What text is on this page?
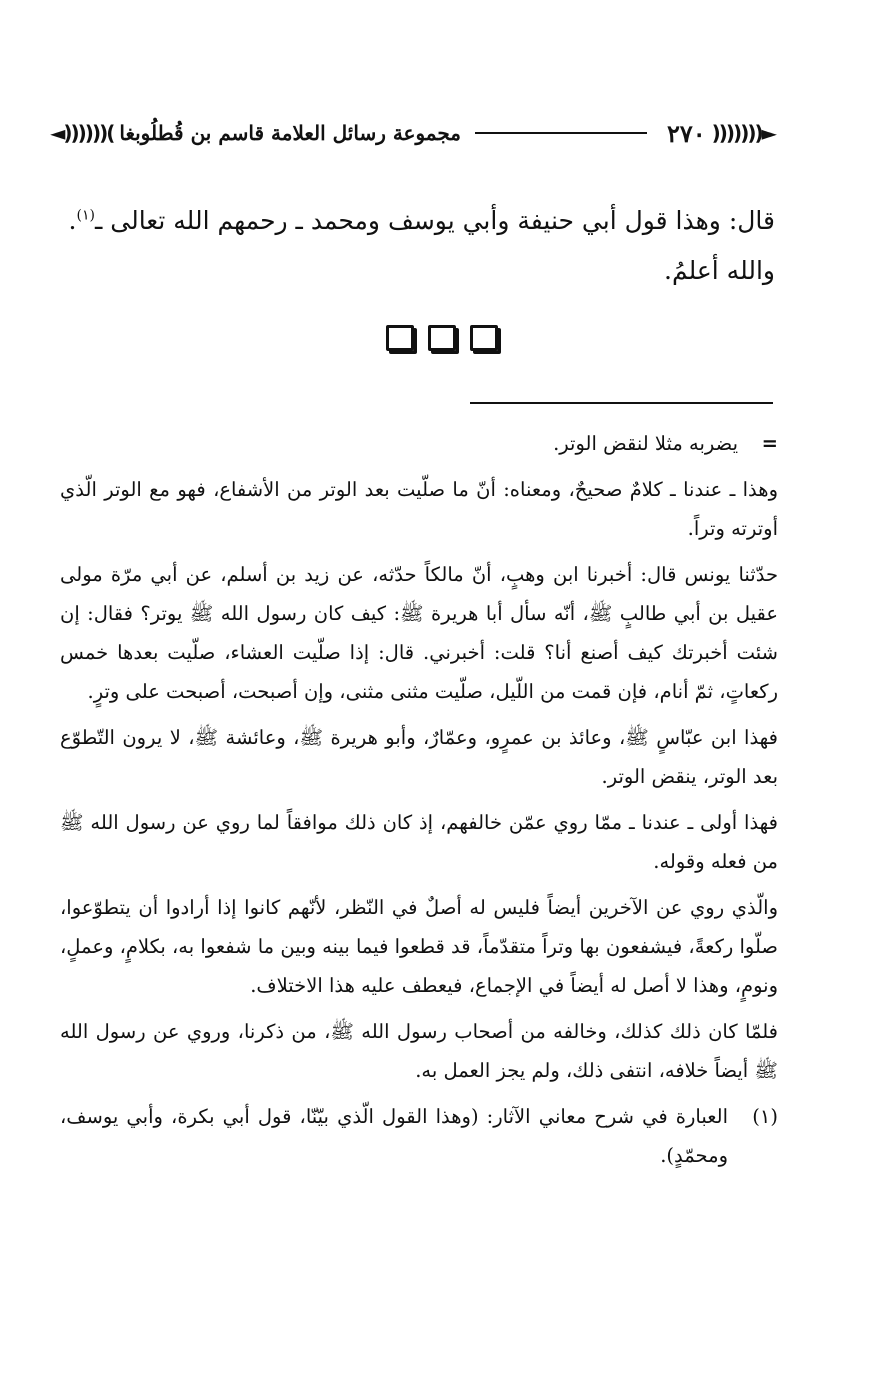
◄))))))( مجموعة رسائل العلامة قاسم بن قُطلُوبغا	٢٧٠ )))))))►

قال: وهذا قول أبي حنيفة وأبي يوسف ومحمد ـ رحمهم الله تعالى ـ$^{(١)}$.

والله أعلمُ.

=
يضربه مثلا لنقض الوتر.

وهذا ـ عندنا ـ كلامٌ صحيحٌ، ومعناه: أنّ ما صلّيت بعد الوتر من الأشفاع، فهو مع الوتر الّذي أوترته وتراً.

حدّثنا يونس قال: أخبرنا ابن وهبٍ، أنّ مالكاً حدّثه، عن زيد بن أسلم، عن أبي مرّة مولى عقيل بن أبي طالبٍ ﷺ، أنّه سأل أبا هريرة ﷺ: كيف كان رسول الله ﷺ يوتر؟ فقال: إن شئت أخبرتك كيف أصنع أنا؟ قلت: أخبرني. قال: إذا صلّيت العشاء، صلّيت بعدها خمس ركعاتٍ، ثمّ أنام، فإن قمت من اللّيل، صلّيت مثنى مثنى، وإن أصبحت، أصبحت على وترٍ.

فهذا ابن عبّاسٍ ﷺ، وعائذ بن عمرٍو، وعمّارٌ، وأبو هريرة ﷺ، وعائشة ﷺ، لا يرون التّطوّع بعد الوتر، ينقض الوتر.

فهذا أولى ـ عندنا ـ ممّا روي عمّن خالفهم، إذ كان ذلك موافقاً لما روي عن رسول الله ﷺ من فعله وقوله.

والّذي روي عن الآخرين أيضاً فليس له أصلٌ في النّظر، لأنّهم كانوا إذا أرادوا أن يتطوّعوا، صلّوا ركعةً، فيشفعون بها وتراً متقدّماً، قد قطعوا فيما بينه وبين ما شفعوا به، بكلامٍ، وعملٍ، ونومٍ، وهذا لا أصل له أيضاً في الإجماع، فيعطف عليه هذا الاختلاف.

فلمّا كان ذلك كذلك، وخالفه من أصحاب رسول الله ﷺ، من ذكرنا، وروي عن رسول الله ﷺ أيضاً خلافه، انتفى ذلك، ولم يجز العمل به.

(١)
العبارة في شرح معاني الآثار: (وهذا القول الّذي بيّنّا، قول أبي بكرة، وأبي يوسف، ومحمّدٍ).
